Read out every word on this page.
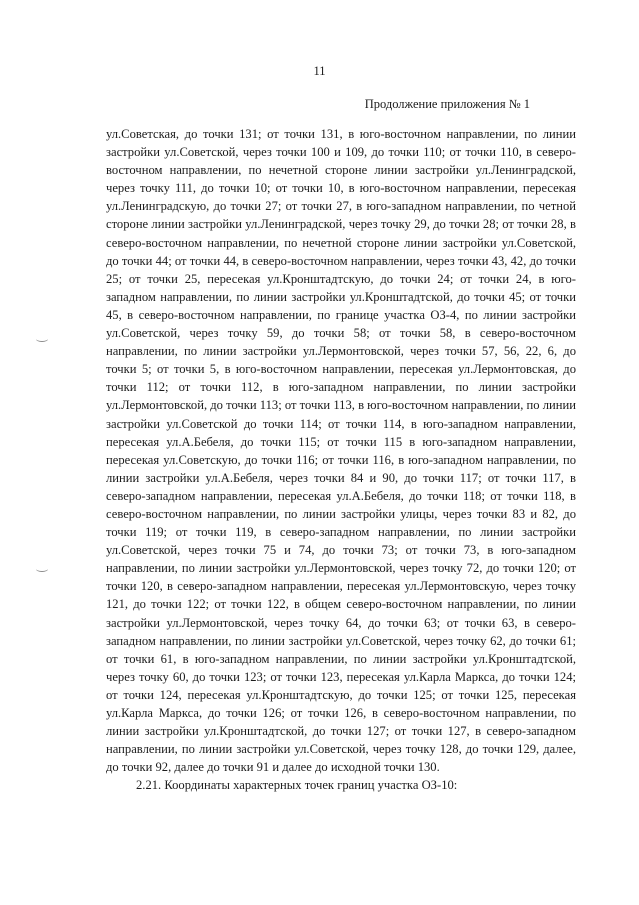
11
Продолжение приложения № 1

ул.Советская, до точки 131; от точки 131, в юго-восточном направлении, по линии застройки ул.Советской, через точки 100 и 109, до точки 110; от точки 110, в северо-восточном направлении, по нечетной стороне линии застройки ул.Ленинградской, через точку 111, до точки 10; от точки 10, в юго-восточном направлении, пересекая ул.Ленинградскую, до точки 27; от точки 27, в юго-западном направлении, по четной стороне линии застройки ул.Ленинградской, через точку 29, до точки 28; от точки 28, в северо-восточном направлении, по нечетной стороне линии застройки ул.Советской, до точки 44; от точки 44, в северо-восточном направлении, через точки 43, 42, до точки 25; от точки 25, пересекая ул.Кронштадтскую, до точки 24; от точки 24, в юго-западном направлении, по линии застройки ул.Кронштадтской, до точки 45; от точки 45, в северо-восточном направлении, по границе участка ОЗ-4, по линии застройки ул.Советской, через точку 59, до точки 58; от точки 58, в северо-восточном направлении, по линии застройки ул.Лермонтовской, через точки 57, 56, 22, 6, до точки 5; от точки 5, в юго-восточном направлении, пересекая ул.Лермонтовская, до точки 112; от точки 112, в юго-западном направлении, по линии застройки ул.Лермонтовской, до точки 113; от точки 113, в юго-восточном направлении, по линии застройки ул.Советской до точки 114; от точки 114, в юго-западном направлении, пересекая ул.А.Бебеля, до точки 115; от точки 115 в юго-западном направлении, пересекая ул.Советскую, до точки 116; от точки 116, в юго-западном направлении, по линии застройки ул.А.Бебеля, через точки 84 и 90, до точки 117; от точки 117, в северо-западном направлении, пересекая ул.А.Бебеля, до точки 118; от точки 118, в северо-восточном направлении, по линии застройки улицы, через точки 83 и 82, до точки 119; от точки 119, в северо-западном направлении, по линии застройки ул.Советской, через точки 75 и 74, до точки 73; от точки 73, в юго-западном направлении, по линии застройки ул.Лермонтовской, через точку 72, до точки 120; от точки 120, в северо-западном направлении, пересекая ул.Лермонтовскую, через точку 121, до точки 122; от точки 122, в общем северо-восточном направлении, по линии застройки ул.Лермонтовской, через точку 64, до точки 63; от точки 63, в северо-западном направлении, по линии застройки ул.Советской, через точку 62, до точки 61; от точки 61, в юго-западном направлении, по линии застройки ул.Кронштадтской, через точку 60, до точки 123; от точки 123, пересекая ул.Карла Маркса, до точки 124; от точки 124, пересекая ул.Кронштадтскую, до точки 125; от точки 125, пересекая ул.Карла Маркса, до точки 126; от точки 126, в северо-восточном направлении, по линии застройки ул.Кронштадтской, до точки 127; от точки 127, в северо-западном направлении, по линии застройки ул.Советской, через точку 128, до точки 129, далее, до точки 92, далее до точки 91 и далее до исходной точки 130.

2.21. Координаты характерных точек границ участка ОЗ-10:
